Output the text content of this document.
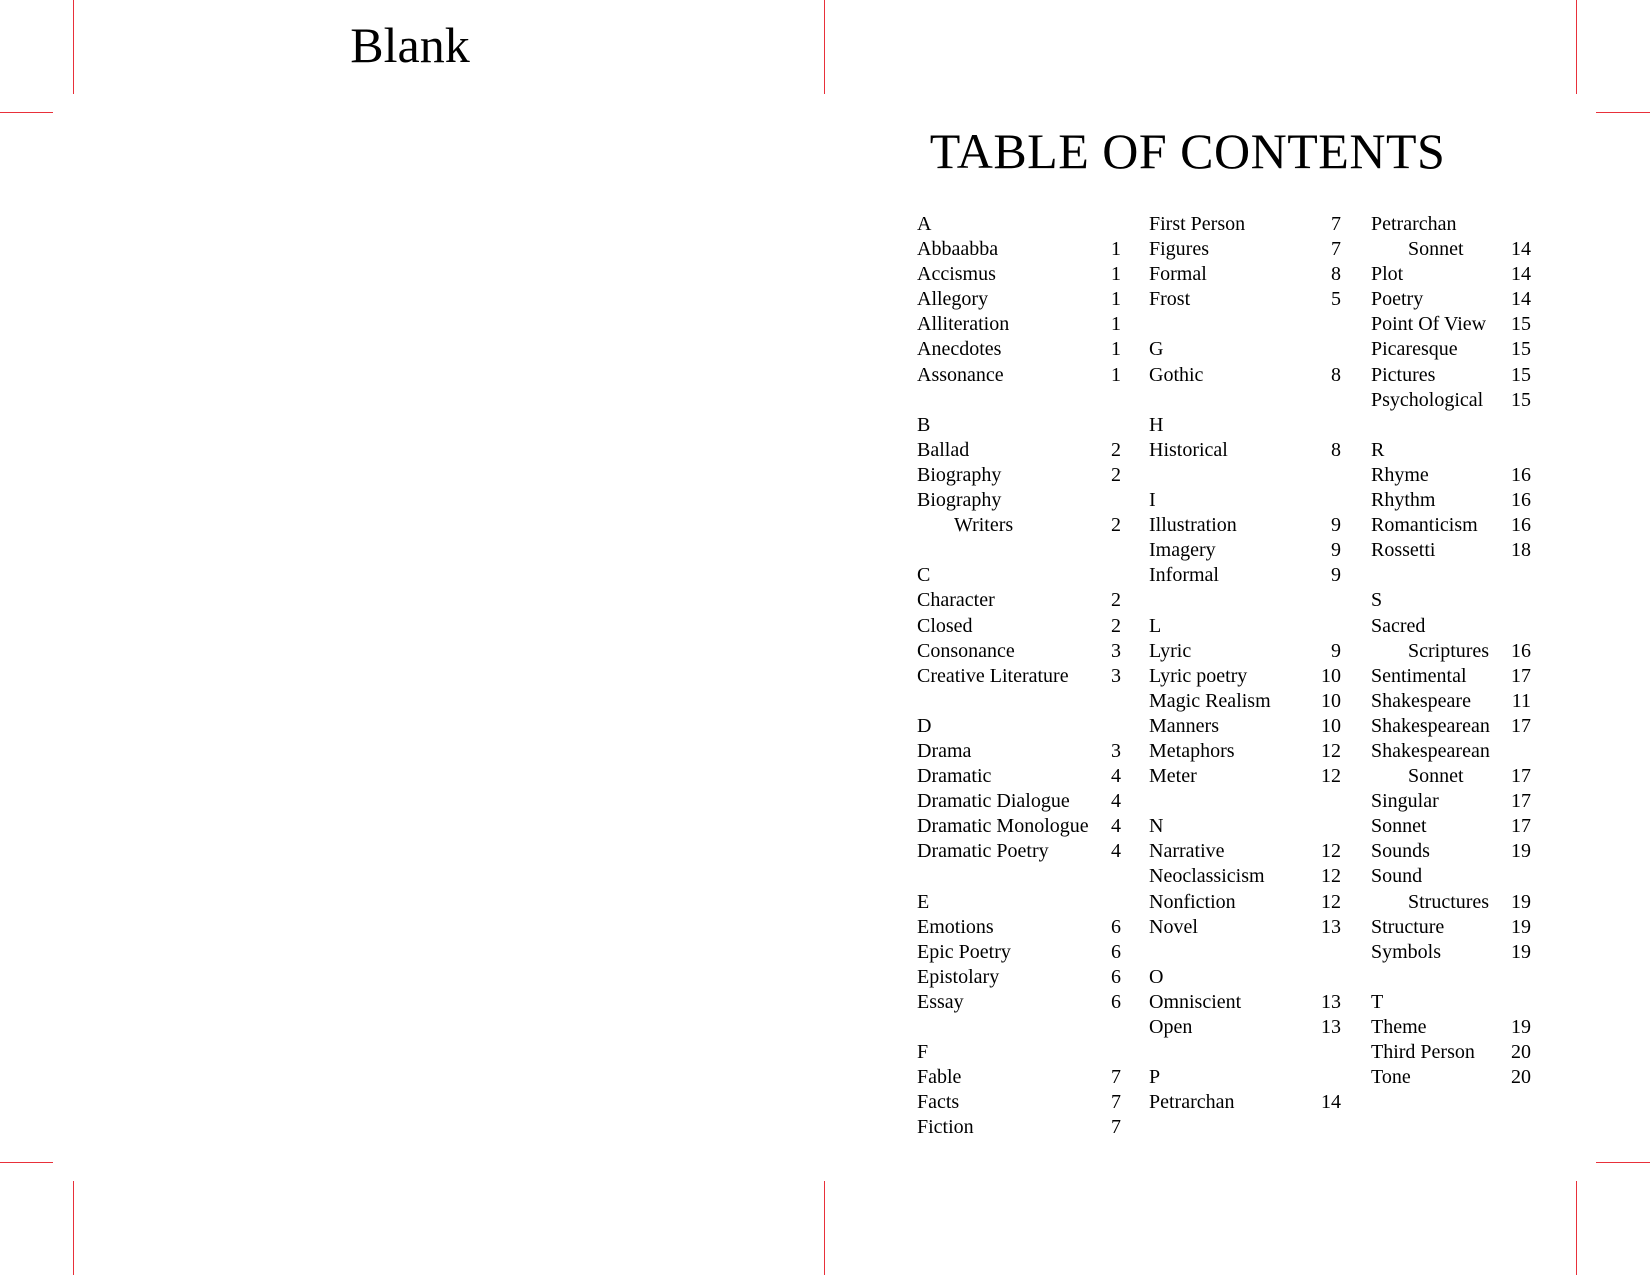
Blank
TABLE OF CONTENTS
A
Abbaabba	1
Accismus	1
Allegory	1
Alliteration	1
Anecdotes	1
Assonance	1
B
Ballad	2
Biography	2
Biography
Writers	2
C
Character	2
Closed	2
Consonance	3
Creative Literature 3
D
Drama	3
Dramatic	4
Dramatic Dialogue 4
Dramatic Monologue 4
Dramatic Poetry	4
E
Emotions	6
Epic Poetry	6
Epistolary	6
Essay	6
F
Fable	7
Facts	7
Fiction	7
First Person	7
Figures	7
Formal	8
Frost	5
G
Gothic	8
H
Historical	8
I
Illustration	9
Imagery	9
Informal	9
L
Lyric	9
Lyric poetry	10
Magic Realism	10
Manners	10
Metaphors	12
Meter	12
N
Narrative	12
Neoclassicism	12
Nonfiction	12
Novel	13
O
Omniscient	13
Open	13
P
Petrarchan	14
Petrarchan
Sonnet 14
Plot	14
Poetry	14
Point Of View 15
Picaresque	15
Pictures	15
Psychological 15
R
Rhyme	16
Rhythm	16
Romanticism 16
Rossetti	18
S
Sacred
Scriptures 16
Sentimental 17
Shakespeare 11
Shakespearean 17
Shakespearean
Sonnet 17
Singular	17
Sonnet	17
Sounds	19
Sound
Structures 19
Structure	19
Symbols	19
T
Theme	19
Third Person 20
Tone	20
